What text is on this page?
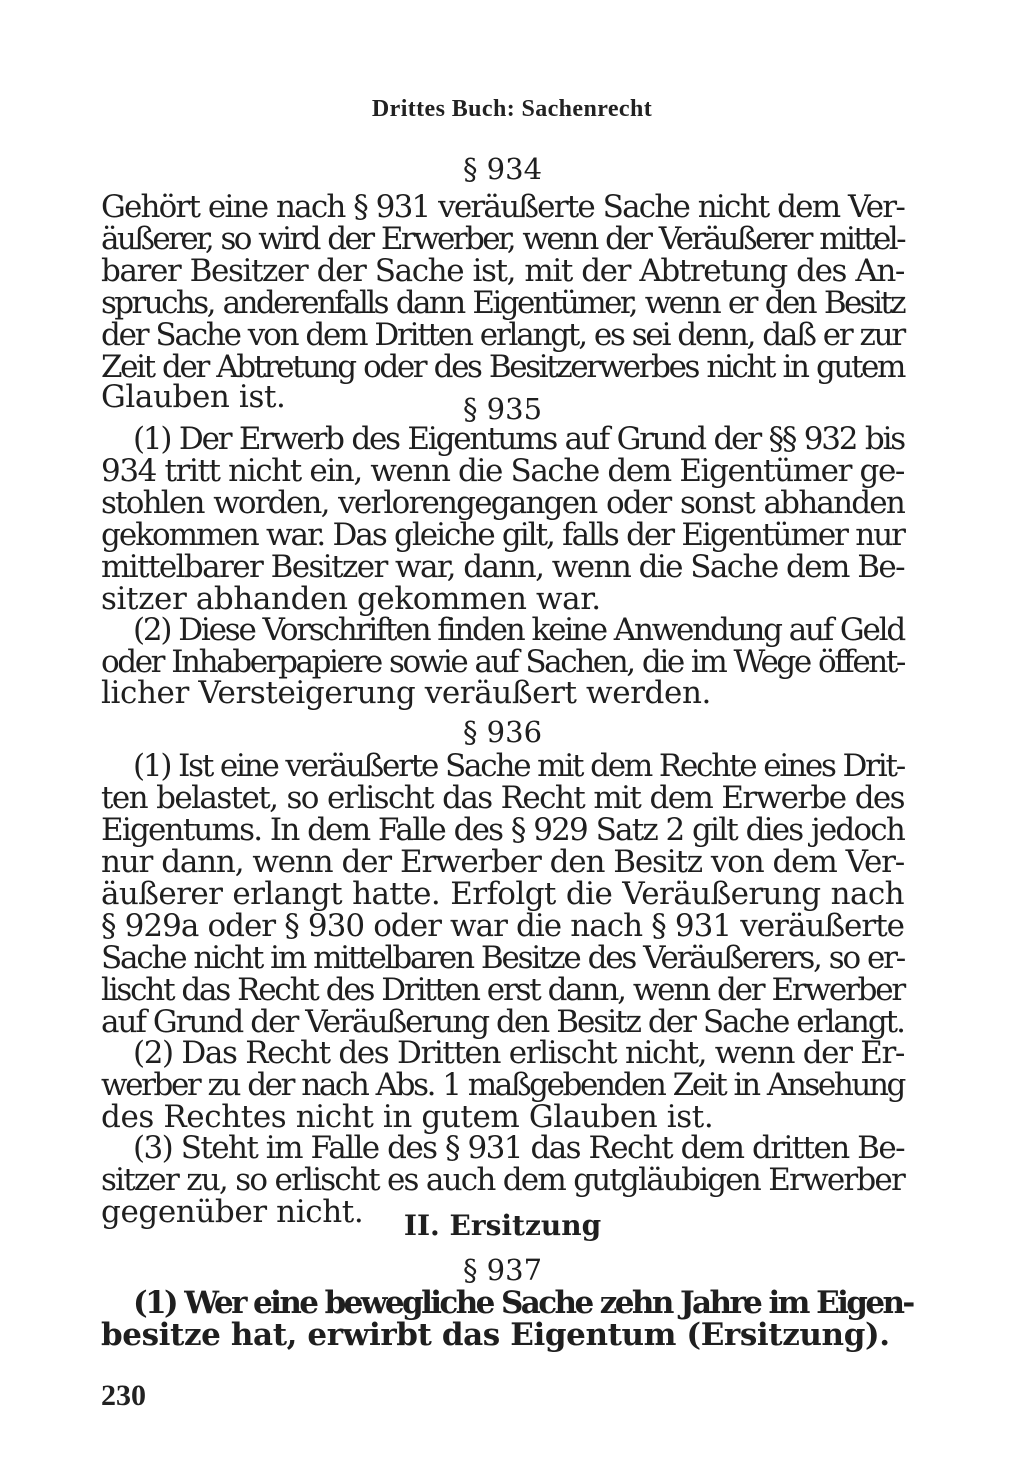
Drittes Buch: Sachenrecht
§ 934
Gehört eine nach § 931 veräußerte Sache nicht dem Ver-
äußerer, so wird der Erwerber, wenn der Veräußerer mittel-
barer Besitzer der Sache ist, mit der Abtretung des An-
spruchs, anderenfalls dann Eigentümer, wenn er den Besitz
der Sache von dem Dritten erlangt, es sei denn, daß er zur
Zeit der Abtretung oder des Besitzerwerbes nicht in gutem
Glauben ist.	§ 935
(1) Der Erwerb des Eigentums auf Grund der §§ 932 bis
934 tritt nicht ein, wenn die Sache dem Eigentümer ge-
stohlen worden, verlorengegangen oder sonst abhanden
gekommen war. Das gleiche gilt, falls der Eigentümer nur
mittelbarer Besitzer war, dann, wenn die Sache dem Be-
sitzer abhanden gekommen war.
(2) Diese Vorschriften finden keine Anwendung auf Geld
oder Inhaberpapiere sowie auf Sachen, die im Wege öffent-
licher Versteigerung veräußert werden.
§ 936
(1) Ist eine veräußerte Sache mit dem Rechte eines Drit-
ten belastet, so erlischt das Recht mit dem Erwerbe des
Eigentums. In dem Falle des § 929 Satz 2 gilt dies jedoch
nur dann, wenn der Erwerber den Besitz von dem Ver-
äußerer erlangt hatte. Erfolgt die Veräußerung nach
§ 929a oder § 930 oder war die nach § 931 veräußerte
Sache nicht im mittelbaren Besitze des Veräußerers, so er-
lischt das Recht des Dritten erst dann, wenn der Erwerber
auf Grund der Veräußerung den Besitz der Sache erlangt.
(2) Das Recht des Dritten erlischt nicht, wenn der Er-
werber zu der nach Abs. 1 maßgebenden Zeit in Ansehung
des Rechtes nicht in gutem Glauben ist.
(3) Steht im Falle des § 931 das Recht dem dritten Be-
sitzer zu, so erlischt es auch dem gutgläubigen Erwerber
gegenüber nicht.	II. Ersitzung
§ 937
(1) Wer eine bewegliche Sache zehn Jahre im Eigen-
besitze hat, erwirbt das Eigentum (Ersitzung).
230
